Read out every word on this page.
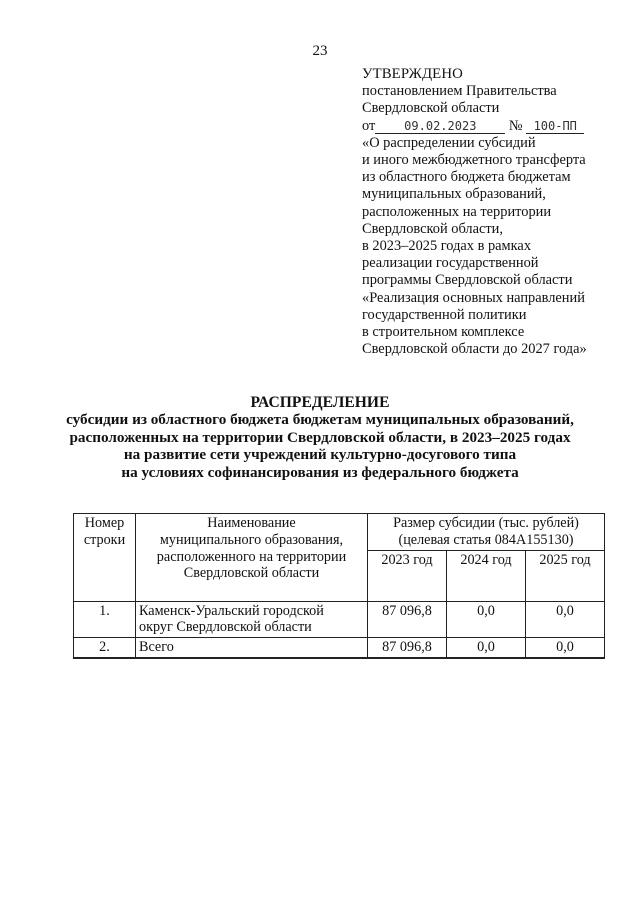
23
УТВЕРЖДЕНО
постановлением Правительства
Свердловской области
от 09.02.2023 № 100-ПП
«О распределении субсидий
и иного межбюджетного трансферта
из областного бюджета бюджетам
муниципальных образований,
расположенных на территории
Свердловской области,
в 2023–2025 годах в рамках
реализации государственной
программы Свердловской области
«Реализация основных направлений
государственной политики
в строительном комплексе
Свердловской области до 2027 года»
РАСПРЕДЕЛЕНИЕ
субсидии из областного бюджета бюджетам муниципальных образований,
расположенных на территории Свердловской области, в 2023–2025 годах
на развитие сети учреждений культурно-досугового типа
на условиях софинансирования из федерального бюджета
Номер
строки	Наименование
муниципального образования,
расположенного на территории
Свердловской области	Размер субсидии (тыс. рублей)
(целевая статья 084А155130)		

		2023 год	2024 год	2025 год
1.	Каменск-Уральский городской
округ Свердловской области	87 096,8	0,0	0,0
2.	Всего	87 096,8	0,0	0,0
